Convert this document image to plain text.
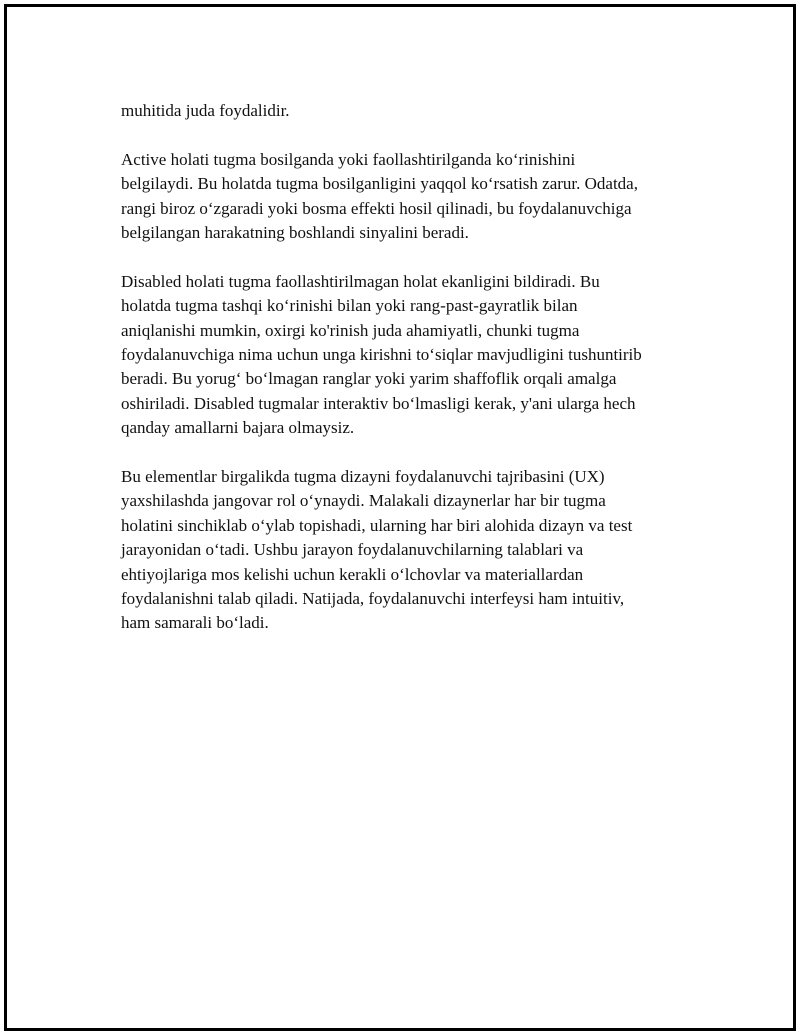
muhitida juda foydalidir.

Active holati tugma bosilganda yoki faollashtirilganda ko‘rinishini
belgilaydi. Bu holatda tugma bosilganligini yaqqol ko‘rsatish zarur. Odatda,
rangi biroz o‘zgaradi yoki bosma effekti hosil qilinadi, bu foydalanuvchiga
belgilangan harakatning boshlandi sinyalini beradi.

Disabled holati tugma faollashtirilmagan holat ekanligini bildiradi. Bu
holatda tugma tashqi ko‘rinishi bilan yoki rang-past-gayratlik bilan
aniqlanishi mumkin, oxirgi ko'rinish juda ahamiyatli, chunki tugma
foydalanuvchiga nima uchun unga kirishni to‘siqlar mavjudligini tushuntirib
beradi. Bu yorug‘ bo‘lmagan ranglar yoki yarim shaffoflik orqali amalga
oshiriladi. Disabled tugmalar interaktiv bo‘lmasligi kerak, y'ani ularga hech
qanday amallarni bajara olmaysiz.

Bu elementlar birgalikda tugma dizayni foydalanuvchi tajribasini (UX)
yaxshilashda jangovar rol o‘ynaydi. Malakali dizaynerlar har bir tugma
holatini sinchiklab o‘ylab topishadi, ularning har biri alohida dizayn va test
jarayonidan o‘tadi. Ushbu jarayon foydalanuvchilarning talablari va
ehtiyojlariga mos kelishi uchun kerakli o‘lchovlar va materiallardan
foydalanishni talab qiladi. Natijada, foydalanuvchi interfeysi ham intuitiv,
ham samarali bo‘ladi.
